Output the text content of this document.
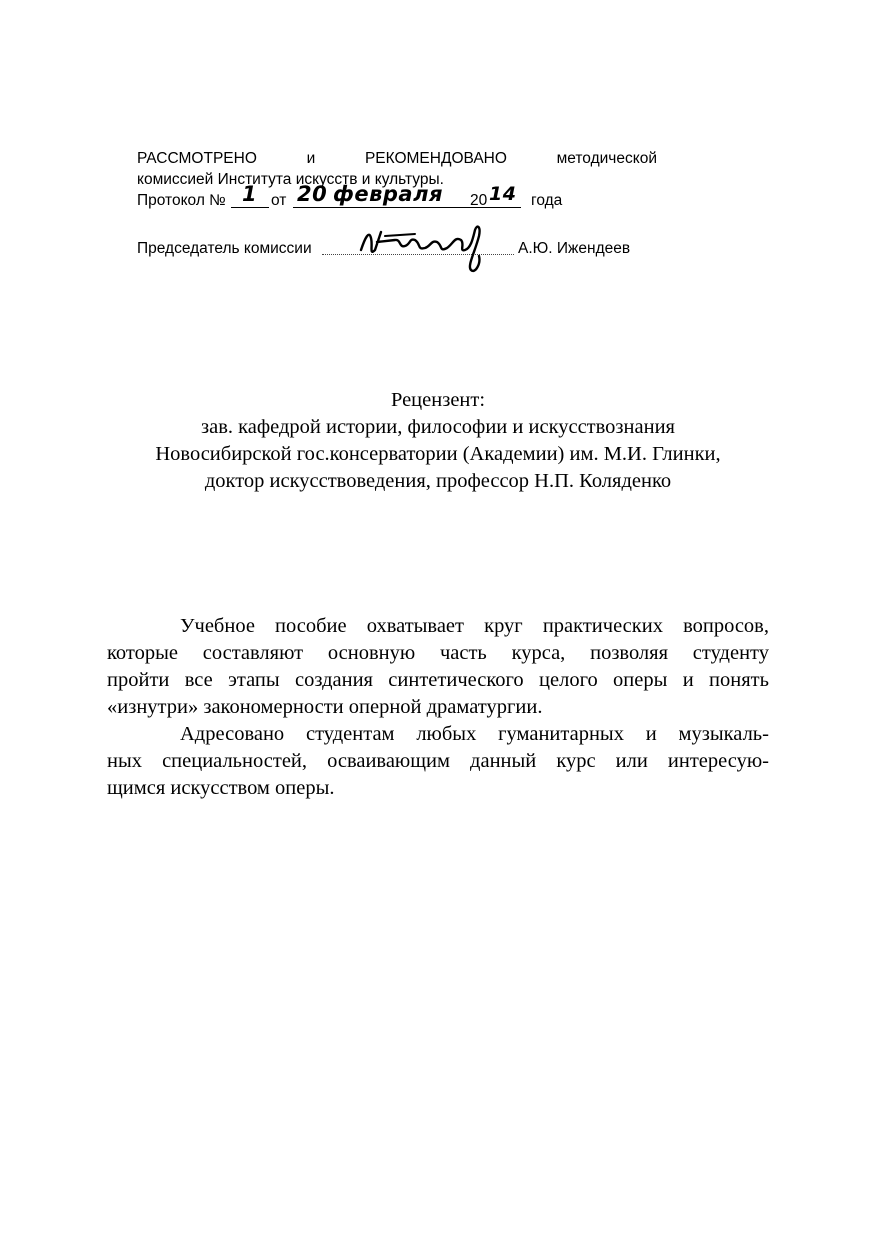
РАССМОТРЕНО	и	РЕКОМЕНДОВАНО	методической
комиссией Института искусств и культуры.
Протокол № 1 от 20 февраля 20 14 года
Председатель комиссии	А.Ю. Ижендеев
Рецензент:
зав. кафедрой истории, философии и искусствознания
Новосибирской гос.консерватории (Академии) им. М.И. Глинки,
доктор искусствоведения, профессор Н.П. Коляденко
Учебное пособие охватывает круг практических вопросов,
которые составляют основную часть курса, позволяя студенту
пройти все этапы создания синтетического целого оперы и понять
«изнутри» закономерности оперной драматургии.
Адресовано студентам любых гуманитарных и музыкаль-
ных специальностей, осваивающим данный курс или интересую-
щимся искусством оперы.
